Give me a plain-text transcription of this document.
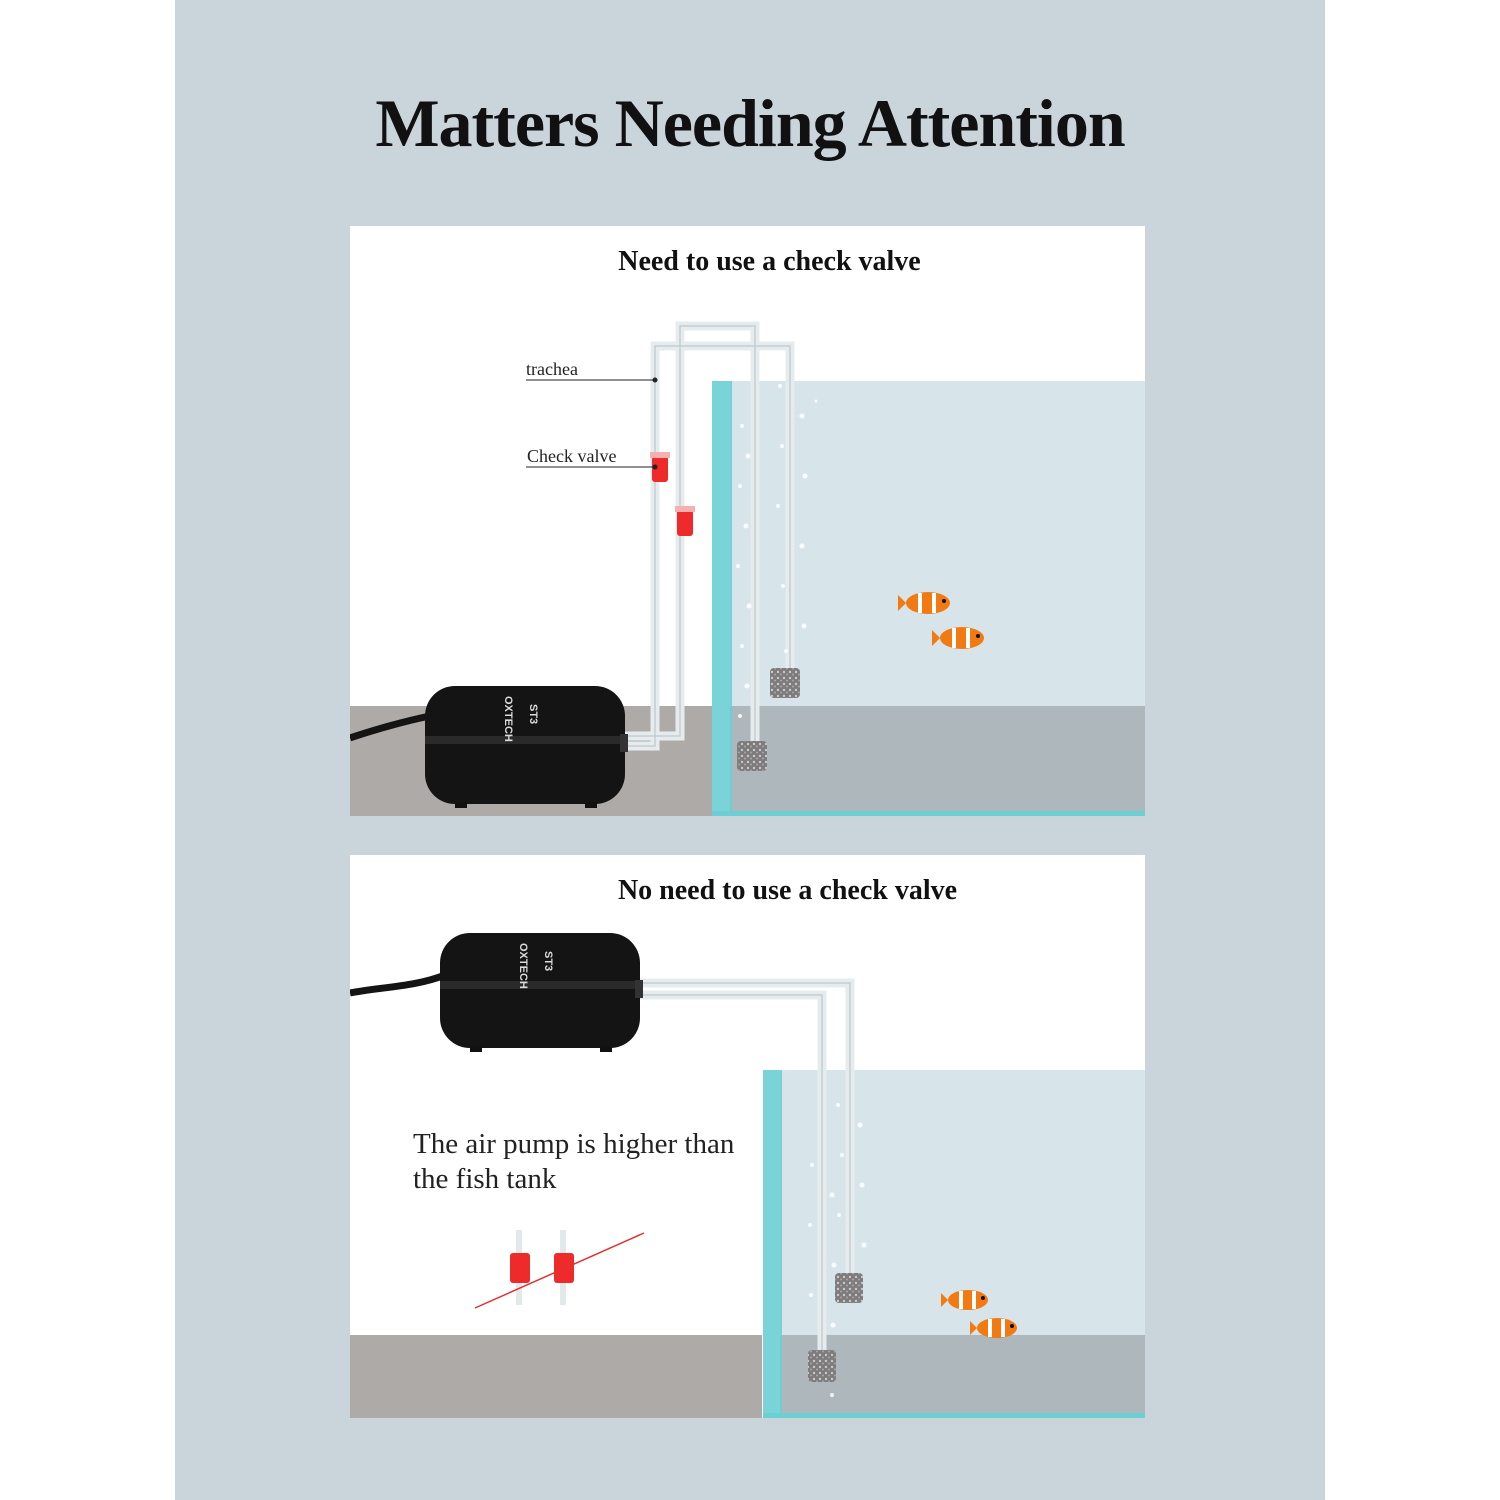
Matters Needing Attention
OXTECH ST3
Need to use a check valve
trachea
Check valve
OXTECH ST3
No need to use a check valve
The air pump is higher than
the fish tank
